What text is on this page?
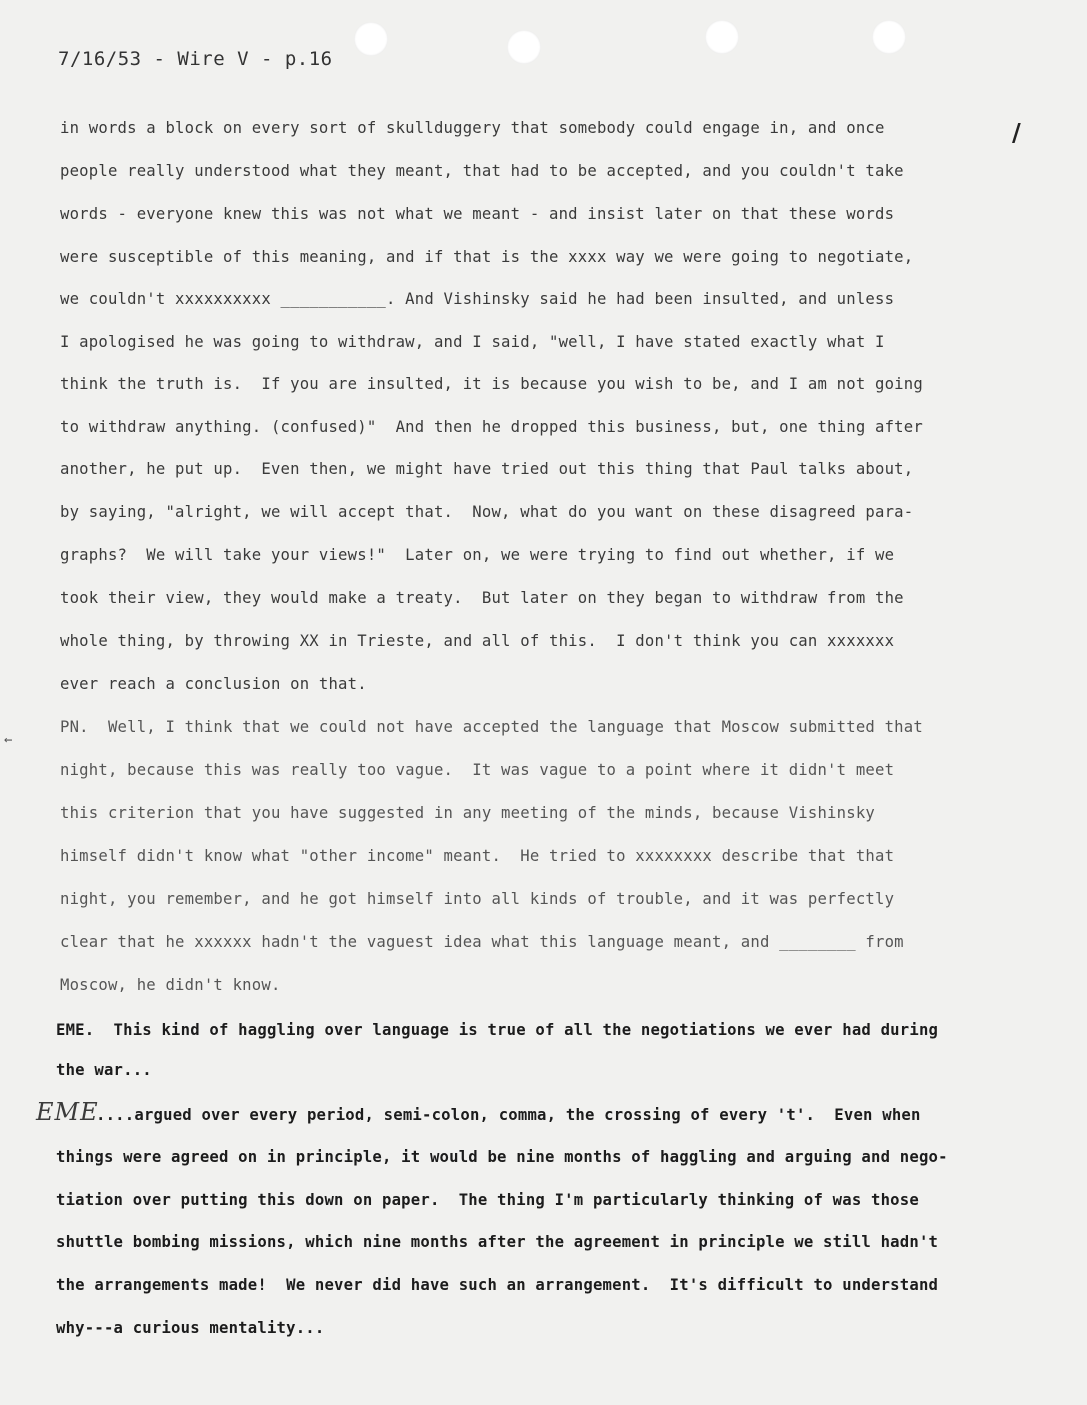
7/16/53 - Wire V - p.16
/
←
EME
in words a block on every sort of skullduggery that somebody could engage in, and once
people really understood what they meant, that had to be accepted, and you couldn't take
words - everyone knew this was not what we meant - and insist later on that these words
were susceptible of this meaning, and if that is the xxxx way we were going to negotiate,
we couldn't xxxxxxxxxx ___________. And Vishinsky said he had been insulted, and unless
I apologised he was going to withdraw, and I said, "well, I have stated exactly what I
think the truth is.  If you are insulted, it is because you wish to be, and I am not going
to withdraw anything. (confused)"  And then he dropped this business, but, one thing after
another, he put up.  Even then, we might have tried out this thing that Paul talks about,
by saying, "alright, we will accept that.  Now, what do you want on these disagreed para-
graphs?  We will take your views!"  Later on, we were trying to find out whether, if we
took their view, they would make a treaty.  But later on they began to withdraw from the
whole thing, by throwing XX in Trieste, and all of this.  I don't think you can xxxxxxx
ever reach a conclusion on that.
PN.  Well, I think that we could not have accepted the language that Moscow submitted that
night, because this was really too vague.  It was vague to a point where it didn't meet
this criterion that you have suggested in any meeting of the minds, because Vishinsky
himself didn't know what "other income" meant.  He tried to xxxxxxxx describe that that
night, you remember, and he got himself into all kinds of trouble, and it was perfectly
clear that he xxxxxx hadn't the vaguest idea what this language meant, and ________ from
Moscow, he didn't know.
EME.  This kind of haggling over language is true of all the negotiations we ever had during
the war...
....argued over every period, semi-colon, comma, the crossing of every 't'.  Even when
things were agreed on in principle, it would be nine months of haggling and arguing and nego-
tiation over putting this down on paper.  The thing I'm particularly thinking of was those
shuttle bombing missions, which nine months after the agreement in principle we still hadn't
the arrangements made!  We never did have such an arrangement.  It's difficult to understand
why---a curious mentality...
